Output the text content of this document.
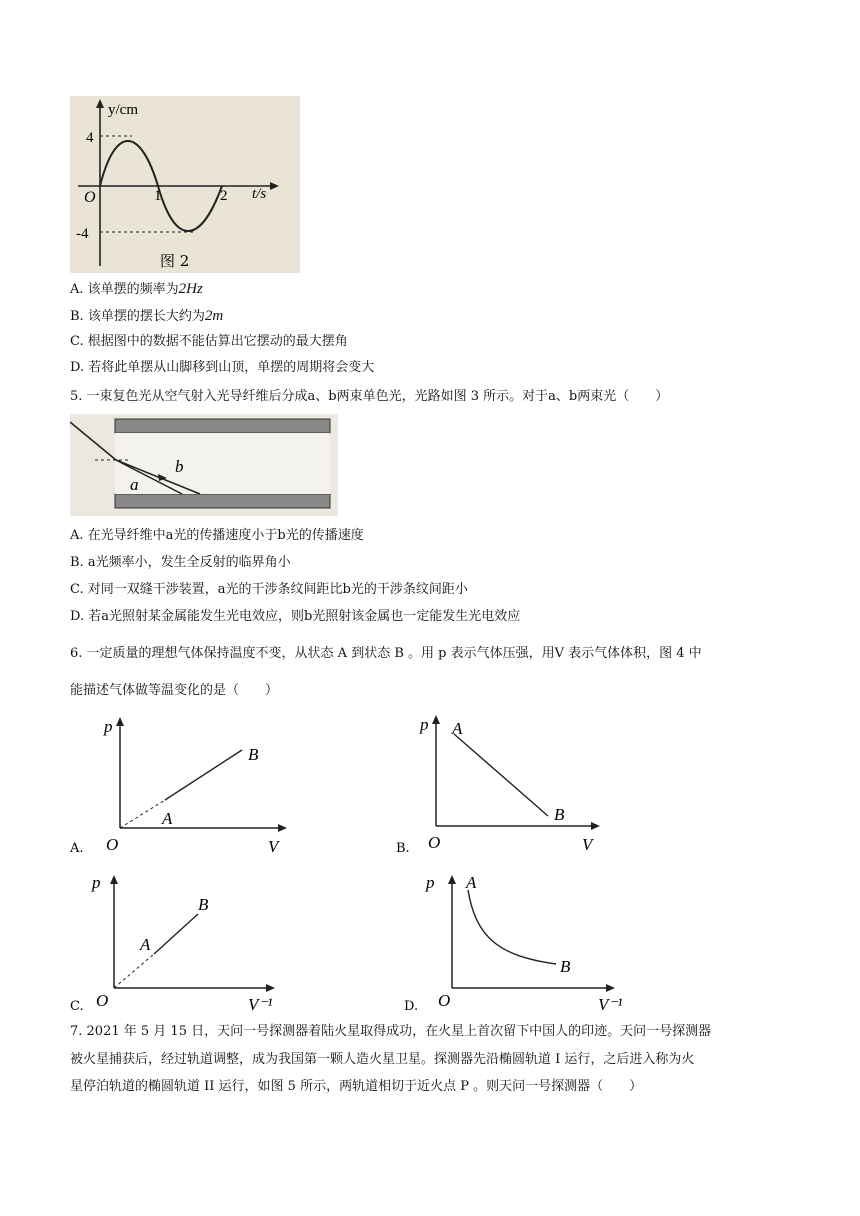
y/cm
t/s
O
4
-4
1	2
图 2
A. 该单摆的频率为2Hz
B. 该单摆的摆长大约为2m
C. 根据图中的数据不能估算出它摆动的最大摆角
D. 若将此单摆从山脚移到山顶，单摆的周期将会变大
5. 一束复色光从空气射入光导纤维后分成a、b两束单色光，光路如图 3 所示。对于a、b两束光（　　）
b
a
A. 在光导纤维中a光的传播速度小于b光的传播速度
B. a光频率小，发生全反射的临界角小
C. 对同一双缝干涉装置，a光的干涉条纹间距比b光的干涉条纹间距小
D. 若a光照射某金属能发生光电效应，则b光照射该金属也一定能发生光电效应
6. 一定质量的理想气体保持温度不变，从状态 A 到状态 B 。用 p 表示气体压强，用V 表示气体体积，图 4 中
能描述气体做等温变化的是（　　）
A.
p
V
O
A
B
B.
p
V
O
A
B
C.
p
V⁻¹
O
A
B
D.
p
V⁻¹
O
A
B
7. 2021 年 5 月 15 日，天问一号探测器着陆火星取得成功，在火星上首次留下中国人的印迹。天问一号探测器
被火星捕获后，经过轨道调整，成为我国第一颗人造火星卫星。探测器先沿椭圆轨道 I 运行，之后进入称为火
星停泊轨道的椭圆轨道 II 运行，如图 5 所示，两轨道相切于近火点 P 。则天问一号探测器（　　）
